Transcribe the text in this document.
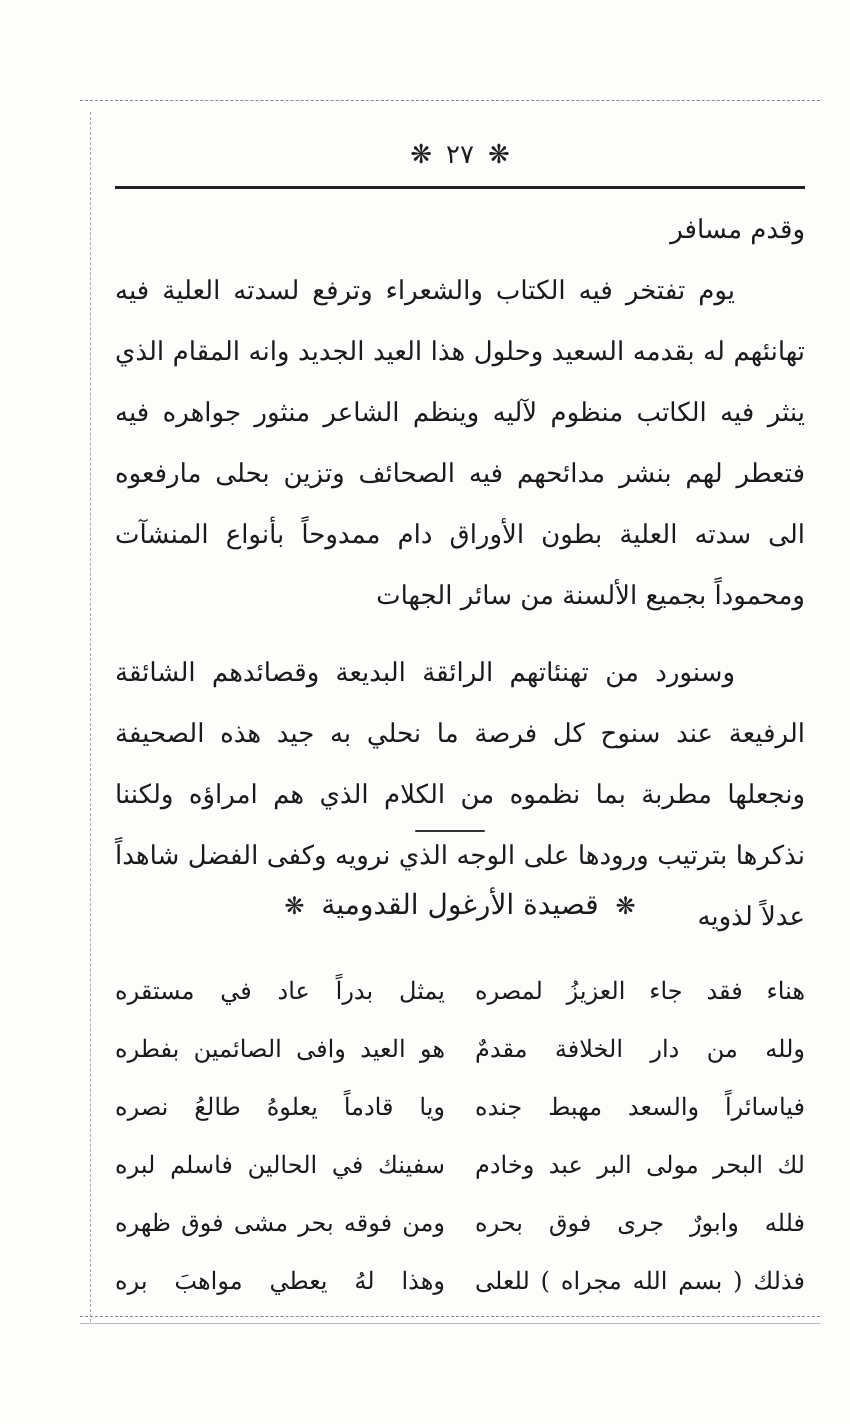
❋
٢٧
❋

وقدم مسافر

يوم تفتخر فيه الكتاب والشعراء وترفع لسدته العلية فيه تهانئهم له بقدمه السعيد وحلول هذا العيد الجديد وانه المقام الذي ينثر فيه الكاتب منظوم لآليه وينظم الشاعر منثور جواهره فيه فتعطر لهم بنشر مدائحهم فيه الصحائف وتزين بحلى مارفعوه الى سدته العلية بطون الأوراق دام ممدوحاً بأنواع المنشآت ومحموداً بجميع الألسنة من سائر الجهات

وسنورد من تهنئاتهم الرائقة البديعة وقصائدهم الشائقة الرفيعة عند سنوح كل فرصة ما نحلي به جيد هذه الصحيفة ونجعلها مطربة بما نظموه من الكلام الذي هم امراؤه ولكننا نذكرها بترتيب ورودها على الوجه الذي نرويه وكفى الفضل شاهداً عدلاً لذويه

❋ قصيدة الأرغول القدومية ❋
هناء فقد جاء العزيزُ لمصره
يمثل بدراً عاد في مستقره
ولله من دار الخلافة مقدمٌ
هو العيد وافى الصائمين بفطره
فياسائراً والسعد مهبط جنده
ويا قادماً يعلوهُ طالعُ نصره
لك البحر مولى البر عبد وخادم
سفينك في الحالين فاسلم لبره
فلله وابورٌ جرى فوق بحره
ومن فوقه بحر مشى فوق ظهره
فذلك ( بسم الله مجراه ) للعلى
وهذا لهُ يعطي مواهبَ بره
